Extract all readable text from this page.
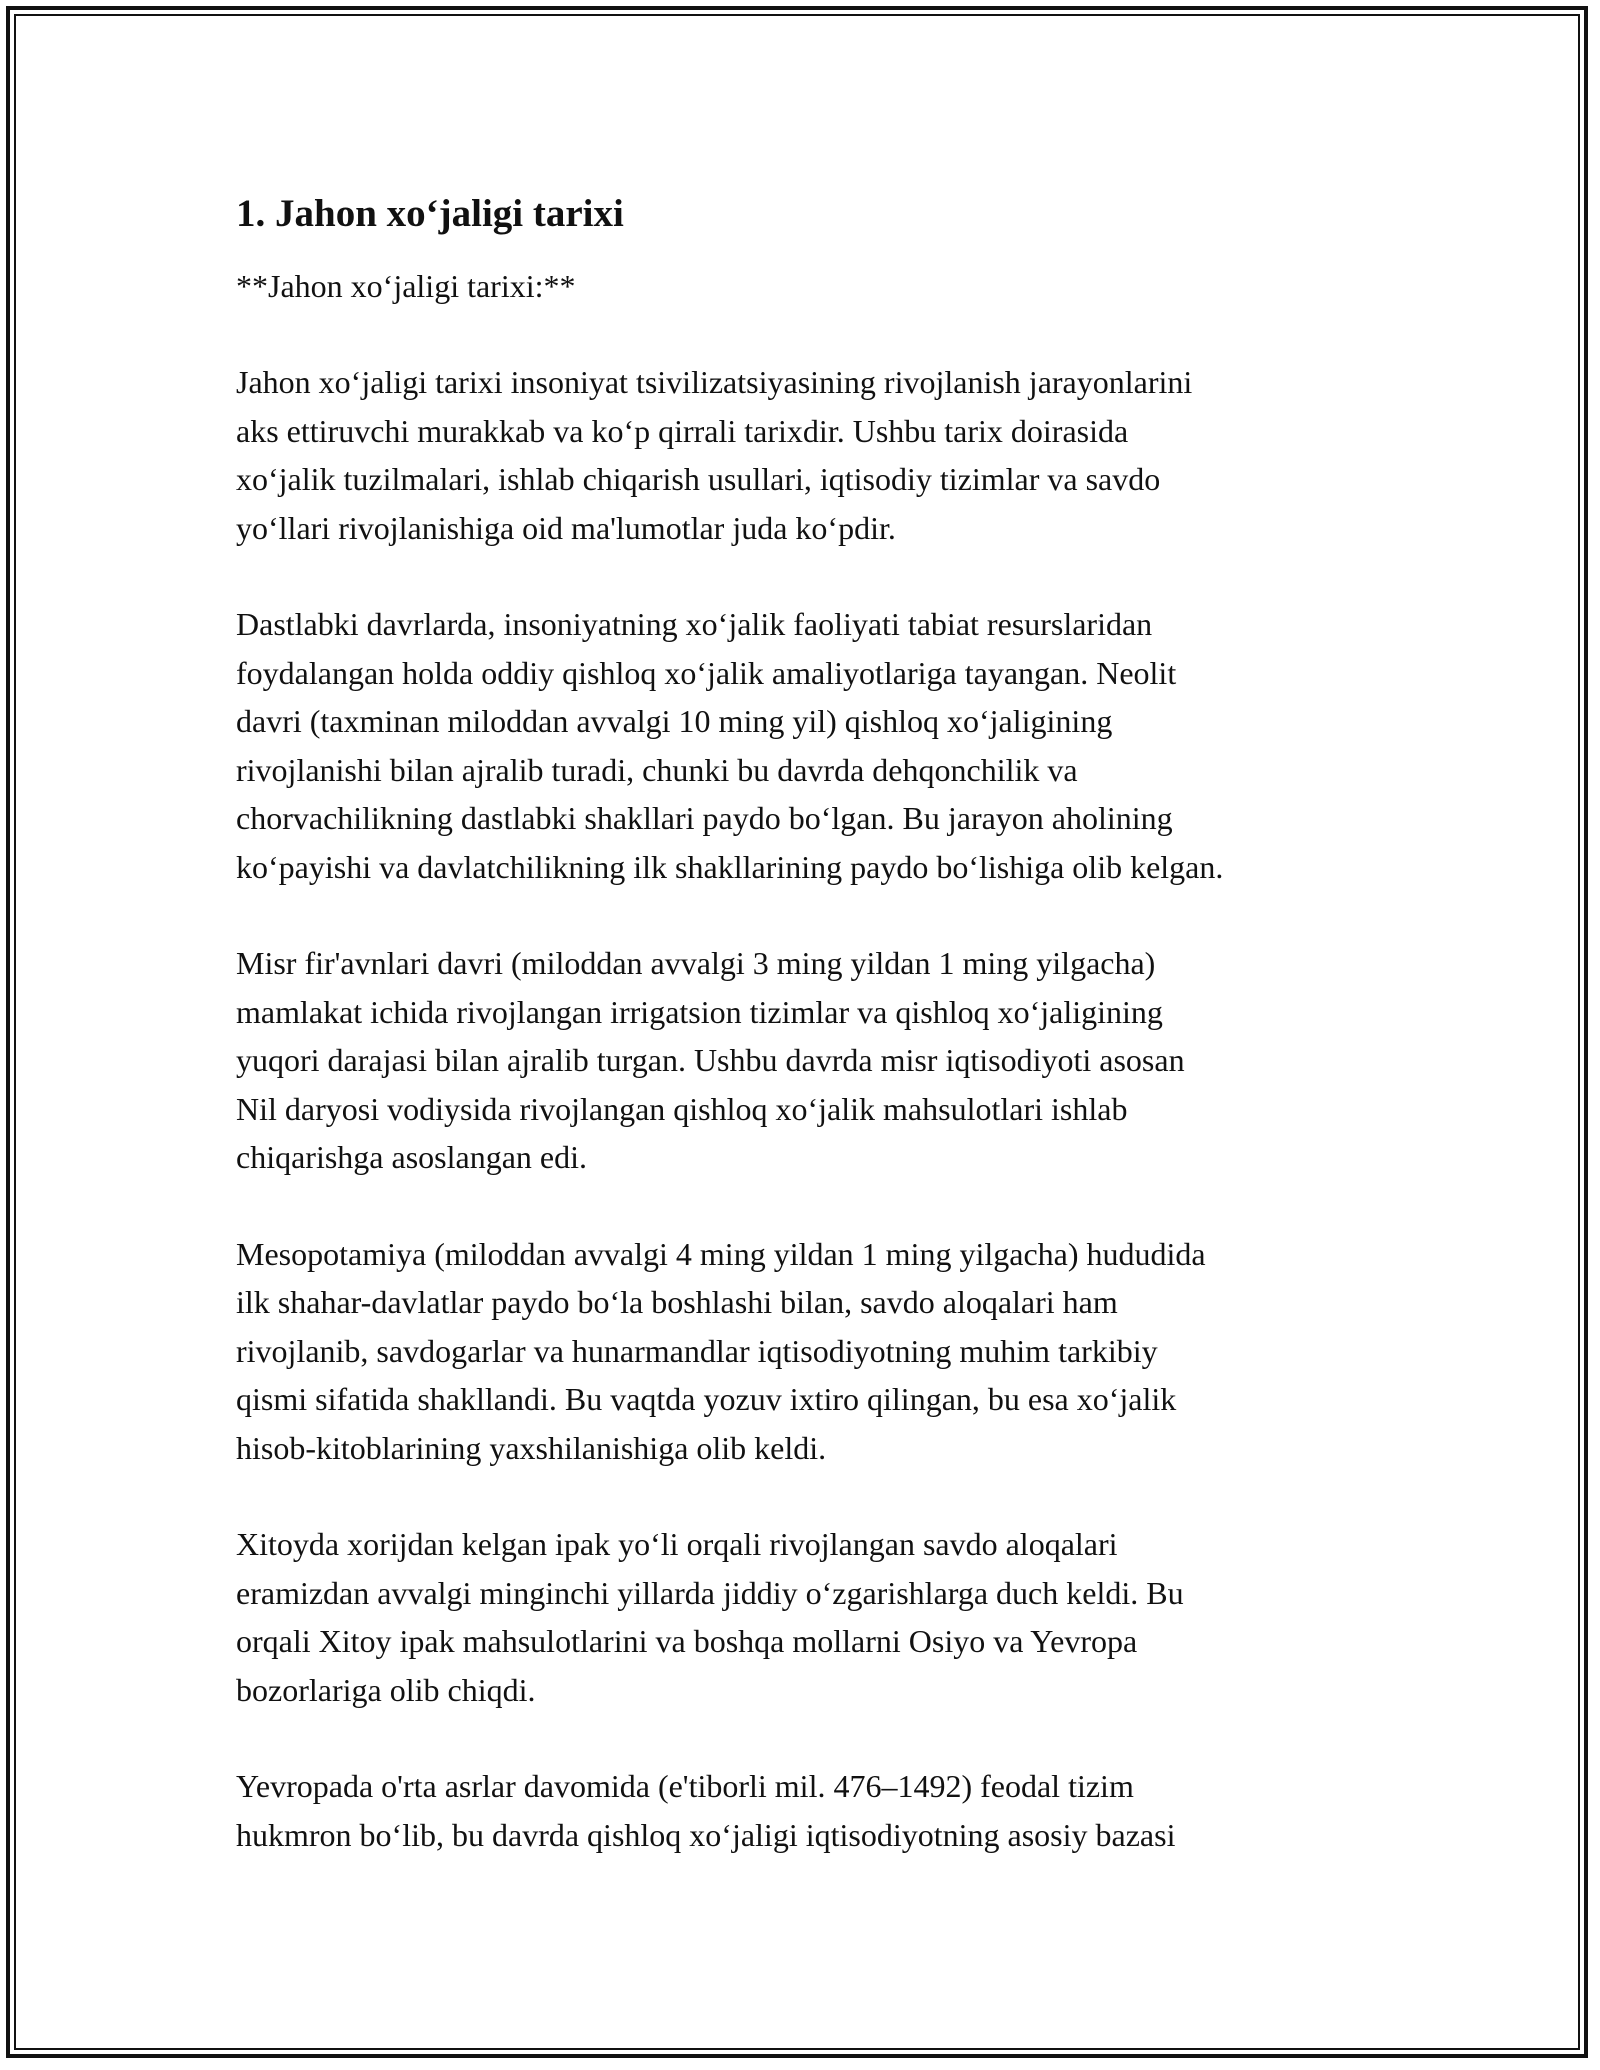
1. Jahon xo‘jaligi tarixi

**Jahon xo‘jaligi tarixi:**

Jahon xo‘jaligi tarixi insoniyat tsivilizatsiyasining rivojlanish jarayonlarini
aks ettiruvchi murakkab va ko‘p qirrali tarixdir. Ushbu tarix doirasida
xo‘jalik tuzilmalari, ishlab chiqarish usullari, iqtisodiy tizimlar va savdo
yo‘llari rivojlanishiga oid ma'lumotlar juda ko‘pdir.

Dastlabki davrlarda, insoniyatning xo‘jalik faoliyati tabiat resurslaridan
foydalangan holda oddiy qishloq xo‘jalik amaliyotlariga tayangan. Neolit
davri (taxminan miloddan avvalgi 10 ming yil) qishloq xo‘jaligining
rivojlanishi bilan ajralib turadi, chunki bu davrda dehqonchilik va
chorvachilikning dastlabki shakllari paydo bo‘lgan. Bu jarayon aholining
ko‘payishi va davlatchilikning ilk shakllarining paydo bo‘lishiga olib kelgan.

Misr fir'avnlari davri (miloddan avvalgi 3 ming yildan 1 ming yilgacha)
mamlakat ichida rivojlangan irrigatsion tizimlar va qishloq xo‘jaligining
yuqori darajasi bilan ajralib turgan. Ushbu davrda misr iqtisodiyoti asosan
Nil daryosi vodiysida rivojlangan qishloq xo‘jalik mahsulotlari ishlab
chiqarishga asoslangan edi.

Mesopotamiya (miloddan avvalgi 4 ming yildan 1 ming yilgacha) hududida
ilk shahar-davlatlar paydo bo‘la boshlashi bilan, savdo aloqalari ham
rivojlanib, savdogarlar va hunarmandlar iqtisodiyotning muhim tarkibiy
qismi sifatida shakllandi. Bu vaqtda yozuv ixtiro qilingan, bu esa xo‘jalik
hisob-kitoblarining yaxshilanishiga olib keldi.

Xitoyda xorijdan kelgan ipak yo‘li orqali rivojlangan savdo aloqalari
eramizdan avvalgi minginchi yillarda jiddiy o‘zgarishlarga duch keldi. Bu
orqali Xitoy ipak mahsulotlarini va boshqa mollarni Osiyo va Yevropa
bozorlariga olib chiqdi.

Yevropada o'rta asrlar davomida (e'tiborli mil. 476–1492) feodal tizim
hukmron bo‘lib, bu davrda qishloq xo‘jaligi iqtisodiyotning asosiy bazasi
